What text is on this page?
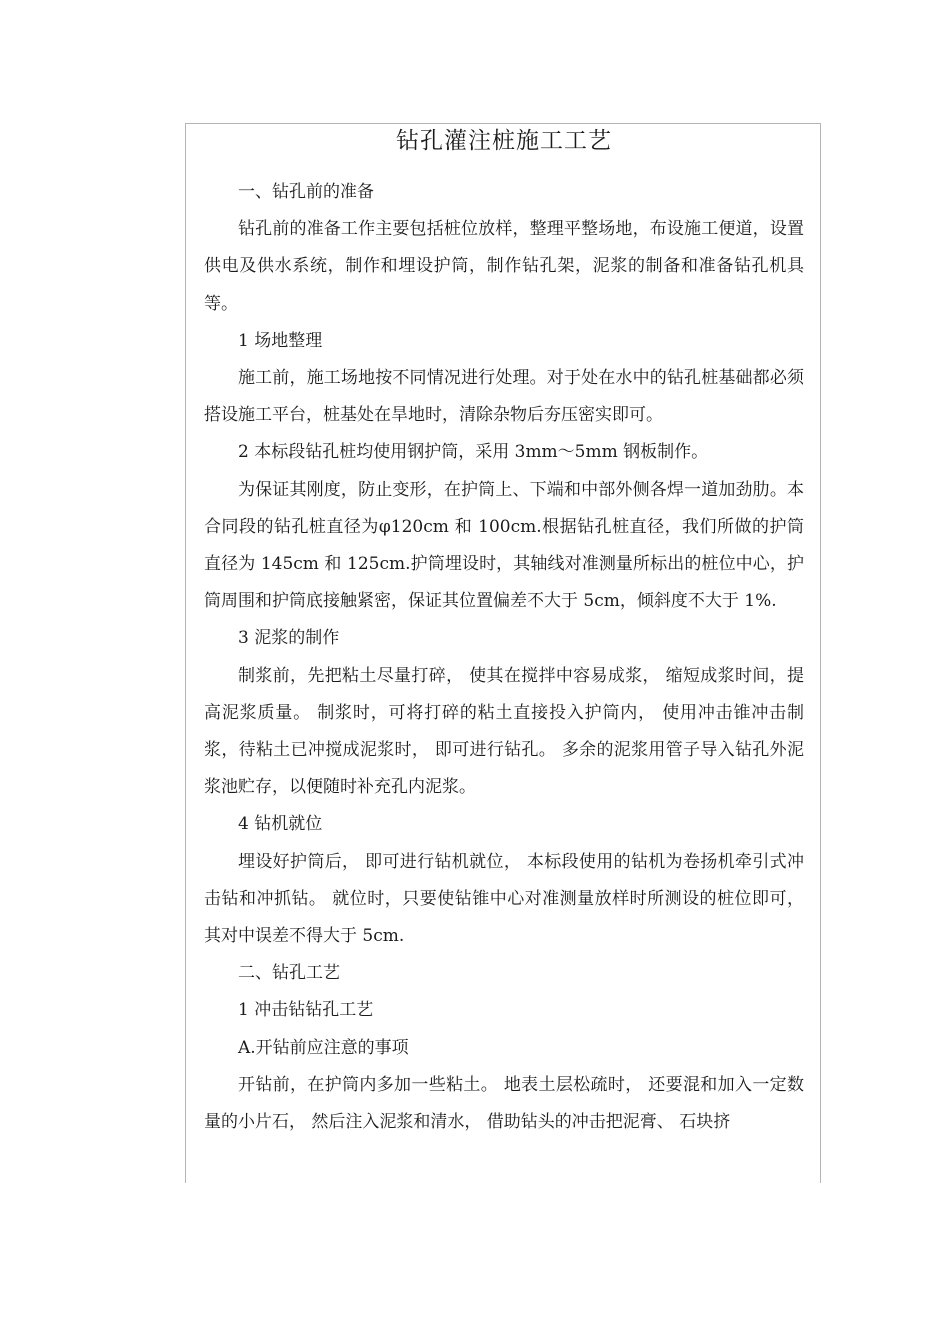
钻孔灌注桩施工工艺

一、钻孔前的准备

钻孔前的准备工作主要包括桩位放样，整理平整场地，布设施工便道，设置供电及供水系统，制作和埋设护筒，制作钻孔架，泥浆的制备和准备钻孔机具等。

1 场地整理

施工前，施工场地按不同情况进行处理。对于处在水中的钻孔桩基础都必须搭设施工平台，桩基处在旱地时，清除杂物后夯压密实即可。

2 本标段钻孔桩均使用钢护筒，采用 3mm～5mm 钢板制作。

为保证其刚度，防止变形，在护筒上、下端和中部外侧各焊一道加劲肋。本合同段的钻孔桩直径为φ120cm 和 100cm.根据钻孔桩直径，我们所做的护筒直径为 145cm 和 125cm.护筒埋设时，其轴线对准测量所标出的桩位中心，护筒周围和护筒底接触紧密，保证其位置偏差不大于 5cm，倾斜度不大于 1%.

3 泥浆的制作

制浆前，先把粘土尽量打碎， 使其在搅拌中容易成浆， 缩短成浆时间，提高泥浆质量。 制浆时，可将打碎的粘土直接投入护筒内， 使用冲击锥冲击制浆，待粘土已冲搅成泥浆时， 即可进行钻孔。 多余的泥浆用管子导入钻孔外泥浆池贮存，以便随时补充孔内泥浆。

4 钻机就位

埋设好护筒后， 即可进行钻机就位， 本标段使用的钻机为卷扬机牵引式冲击钻和冲抓钻。 就位时，只要使钻锥中心对准测量放样时所测设的桩位即可，其对中误差不得大于 5cm.

二、钻孔工艺

1 冲击钻钻孔工艺

A.开钻前应注意的事项

开钻前，在护筒内多加一些粘土。 地表土层松疏时， 还要混和加入一定数量的小片石， 然后注入泥浆和清水， 借助钻头的冲击把泥膏、 石块挤
